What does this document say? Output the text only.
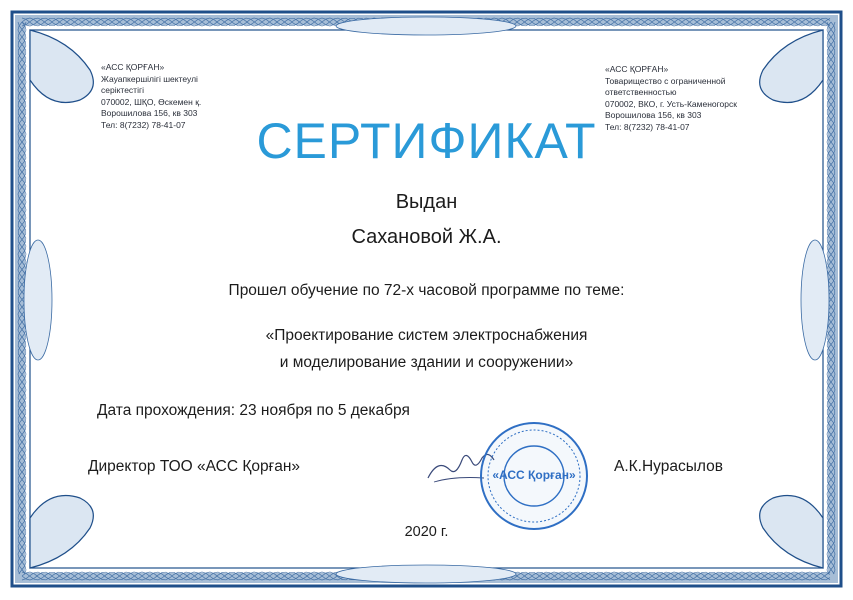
«АСС ҚОРҒАН»
Жауапкершілігі шектеулі
серіктестігі
070002, ШҚО, Өскемен қ.
Ворошилова 156, кв 303
Тел: 8(7232) 78-41-07
«АСС ҚОРҒАН»
Товарищество с ограниченной
ответственностью
070002, ВКО, г. Усть-Каменогорск
Ворошилова 156, кв 303
Тел: 8(7232) 78-41-07
СЕРТИФИКАТ
Выдан
Сахановой Ж.А.
Прошел обучение по 72-х часовой программе по теме:
«Проектирование систем электроснабжения
и моделирование здании и сооружении»
Дата прохождения: 23 ноября по 5 декабря
Директор ТОО «АСС Қорған»	А.К.Нурасылов
2020 г.
«АСС Қорған»
